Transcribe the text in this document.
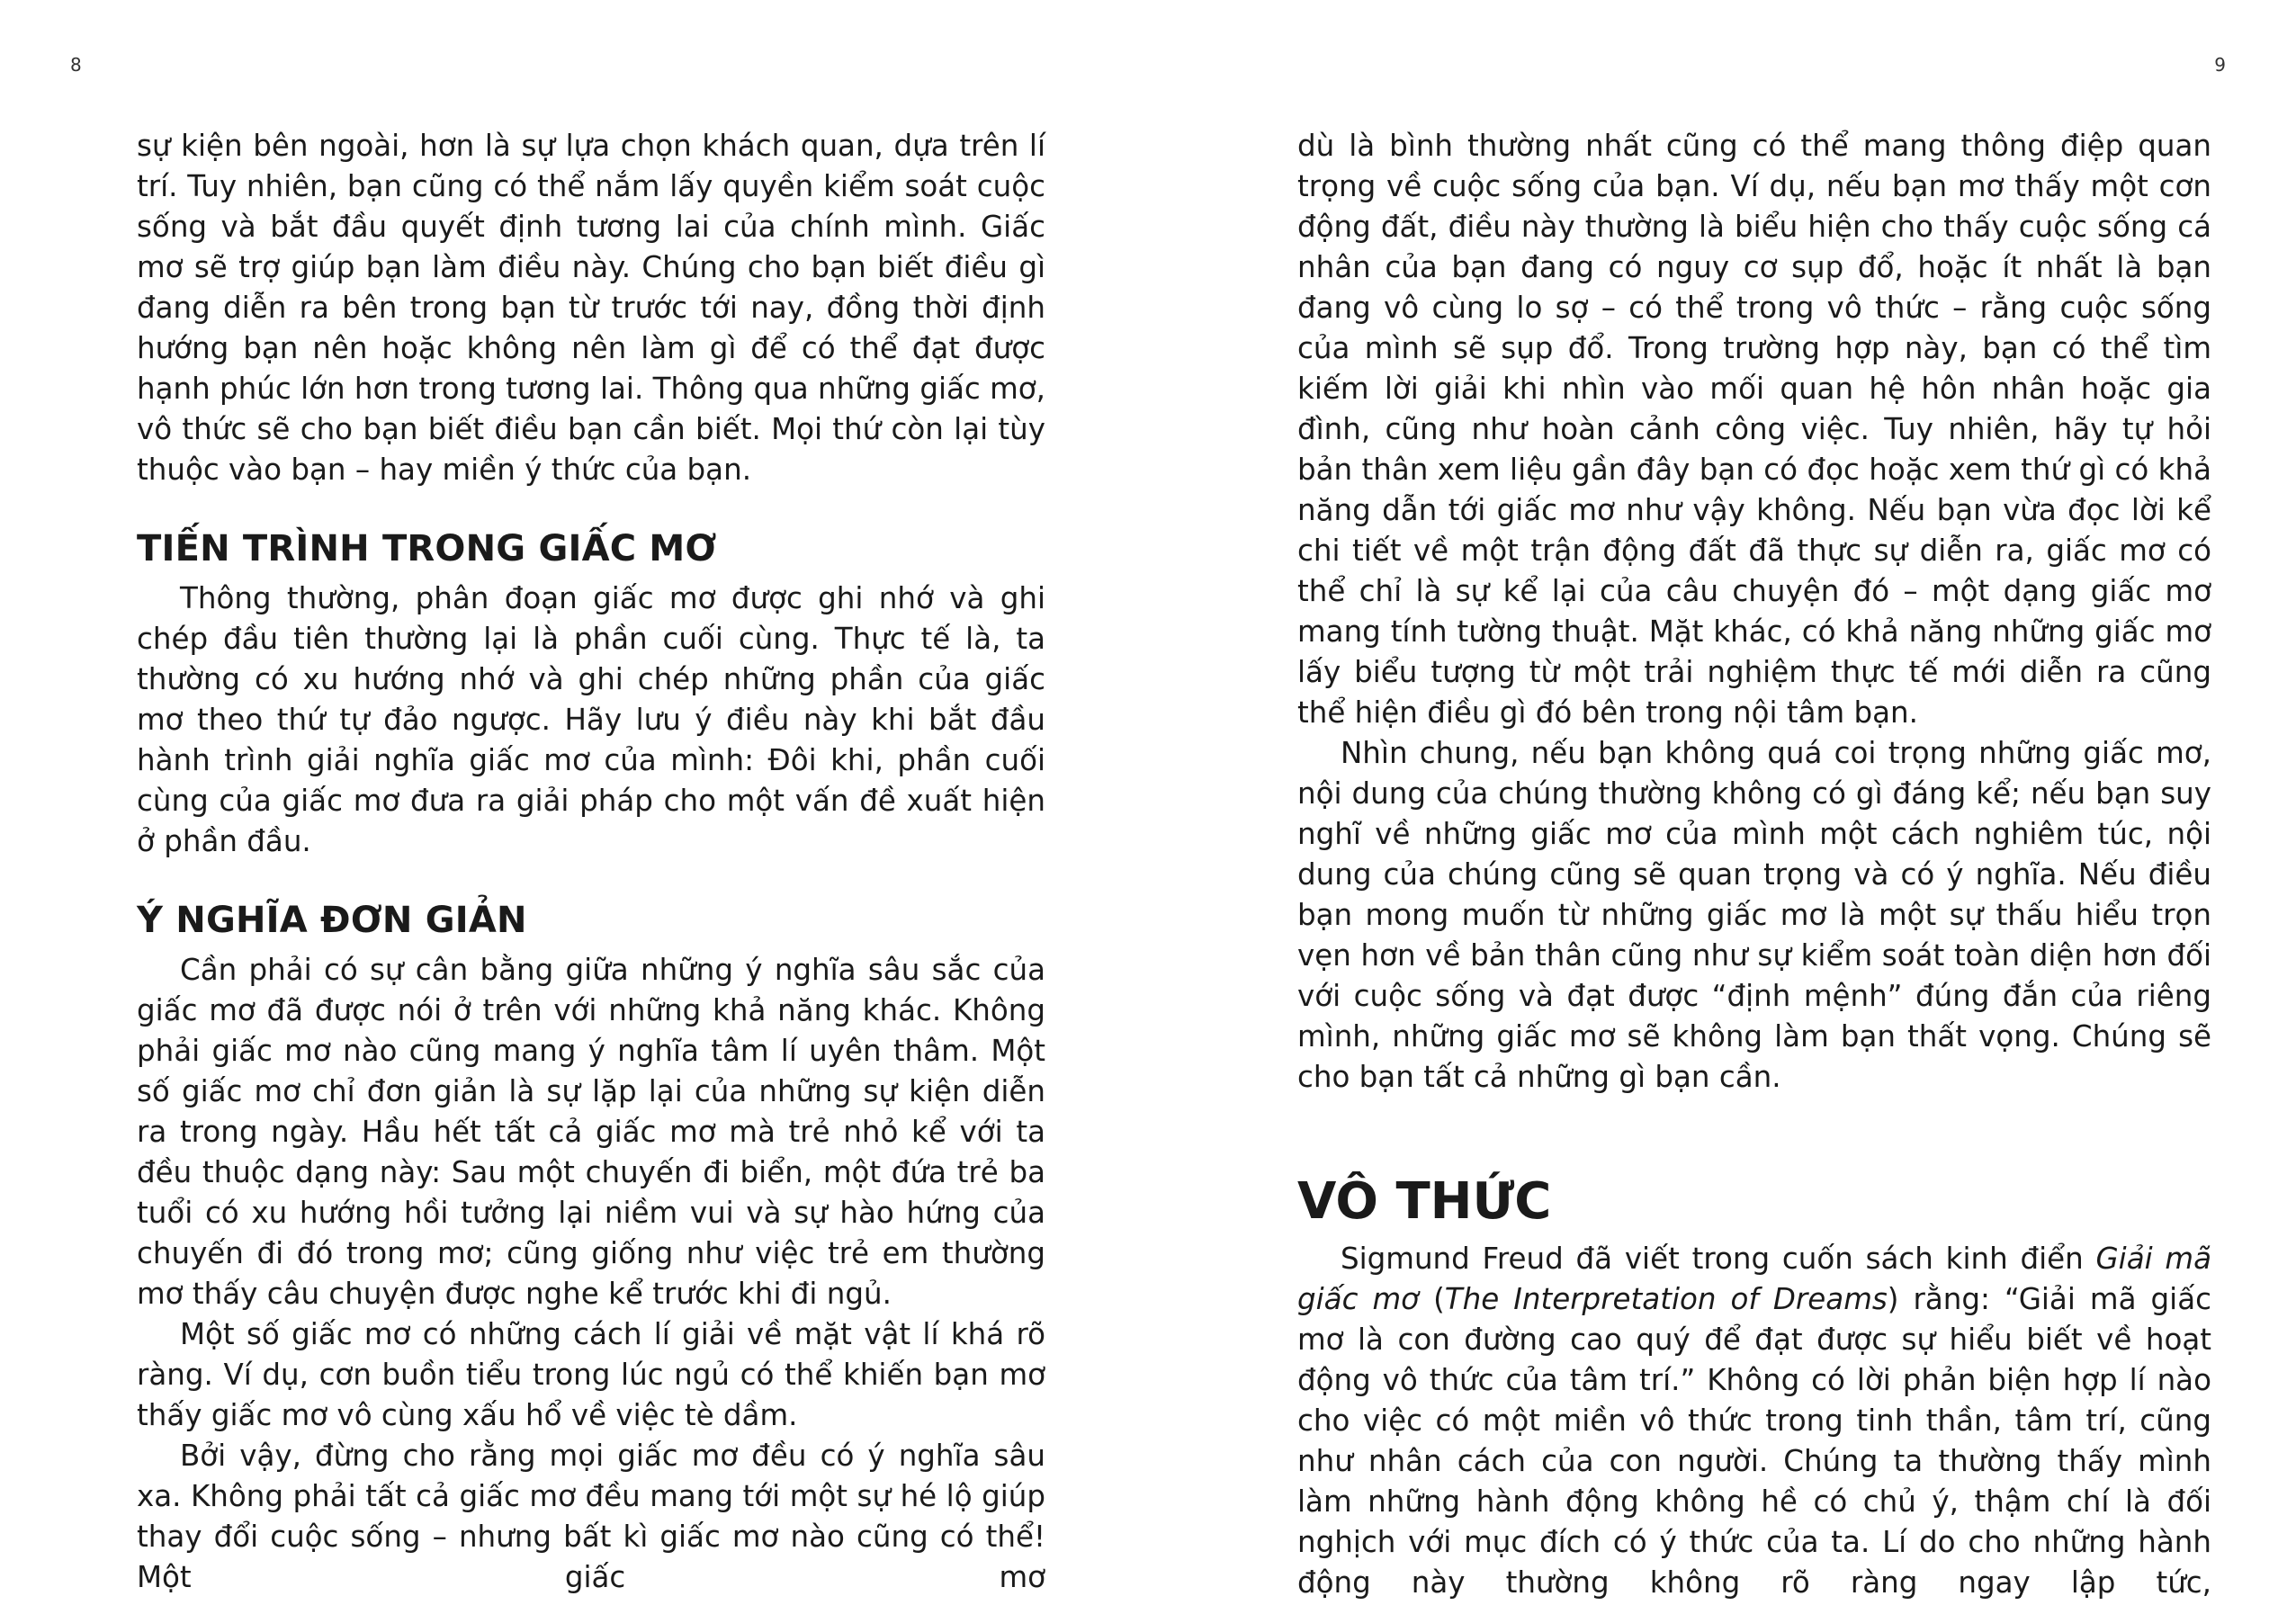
8

sự kiện bên ngoài, hơn là sự lựa chọn khách quan, dựa trên lí trí. Tuy nhiên, bạn cũng có thể nắm lấy quyền kiểm soát cuộc sống và bắt đầu quyết định tương lai của chính mình. Giấc mơ sẽ trợ giúp bạn làm điều này. Chúng cho bạn biết điều gì đang diễn ra bên trong bạn từ trước tới nay, đồng thời định hướng bạn nên hoặc không nên làm gì để có thể đạt được hạnh phúc lớn hơn trong tương lai. Thông qua những giấc mơ, vô thức sẽ cho bạn biết điều bạn cần biết. Mọi thứ còn lại tùy thuộc vào bạn – hay miền ý thức của bạn.

TIẾN TRÌNH TRONG GIẤC MƠ

Thông thường, phân đoạn giấc mơ được ghi nhớ và ghi chép đầu tiên thường lại là phần cuối cùng. Thực tế là, ta thường có xu hướng nhớ và ghi chép những phần của giấc mơ theo thứ tự đảo ngược. Hãy lưu ý điều này khi bắt đầu hành trình giải nghĩa giấc mơ của mình: Đôi khi, phần cuối cùng của giấc mơ đưa ra giải pháp cho một vấn đề xuất hiện ở phần đầu.

Ý NGHĨA ĐƠN GIẢN

Cần phải có sự cân bằng giữa những ý nghĩa sâu sắc của giấc mơ đã được nói ở trên với những khả năng khác. Không phải giấc mơ nào cũng mang ý nghĩa tâm lí uyên thâm. Một số giấc mơ chỉ đơn giản là sự lặp lại của những sự kiện diễn ra trong ngày. Hầu hết tất cả giấc mơ mà trẻ nhỏ kể với ta đều thuộc dạng này: Sau một chuyến đi biển, một đứa trẻ ba tuổi có xu hướng hồi tưởng lại niềm vui và sự hào hứng của chuyến đi đó trong mơ; cũng giống như việc trẻ em thường mơ thấy câu chuyện được nghe kể trước khi đi ngủ.

Một số giấc mơ có những cách lí giải về mặt vật lí khá rõ ràng. Ví dụ, cơn buồn tiểu trong lúc ngủ có thể khiến bạn mơ thấy giấc mơ vô cùng xấu hổ về việc tè dầm.

Bởi vậy, đừng cho rằng mọi giấc mơ đều có ý nghĩa sâu xa. Không phải tất cả giấc mơ đều mang tới một sự hé lộ giúp thay đổi cuộc sống – nhưng bất kì giấc mơ nào cũng có thể! Một giấc mơ

9

dù là bình thường nhất cũng có thể mang thông điệp quan trọng về cuộc sống của bạn. Ví dụ, nếu bạn mơ thấy một cơn động đất, điều này thường là biểu hiện cho thấy cuộc sống cá nhân của bạn đang có nguy cơ sụp đổ, hoặc ít nhất là bạn đang vô cùng lo sợ – có thể trong vô thức – rằng cuộc sống của mình sẽ sụp đổ. Trong trường hợp này, bạn có thể tìm kiếm lời giải khi nhìn vào mối quan hệ hôn nhân hoặc gia đình, cũng như hoàn cảnh công việc. Tuy nhiên, hãy tự hỏi bản thân xem liệu gần đây bạn có đọc hoặc xem thứ gì có khả năng dẫn tới giấc mơ như vậy không. Nếu bạn vừa đọc lời kể chi tiết về một trận động đất đã thực sự diễn ra, giấc mơ có thể chỉ là sự kể lại của câu chuyện đó – một dạng giấc mơ mang tính tường thuật. Mặt khác, có khả năng những giấc mơ lấy biểu tượng từ một trải nghiệm thực tế mới diễn ra cũng thể hiện điều gì đó bên trong nội tâm bạn.

Nhìn chung, nếu bạn không quá coi trọng những giấc mơ, nội dung của chúng thường không có gì đáng kể; nếu bạn suy nghĩ về những giấc mơ của mình một cách nghiêm túc, nội dung của chúng cũng sẽ quan trọng và có ý nghĩa. Nếu điều bạn mong muốn từ những giấc mơ là một sự thấu hiểu trọn vẹn hơn về bản thân cũng như sự kiểm soát toàn diện hơn đối với cuộc sống và đạt được “định mệnh” đúng đắn của riêng mình, những giấc mơ sẽ không làm bạn thất vọng. Chúng sẽ cho bạn tất cả những gì bạn cần.

VÔ THỨC

Sigmund Freud đã viết trong cuốn sách kinh điển Giải mã giấc mơ (The Interpretation of Dreams) rằng: “Giải mã giấc mơ là con đường cao quý để đạt được sự hiểu biết về hoạt động vô thức của tâm trí.” Không có lời phản biện hợp lí nào cho việc có một miền vô thức trong tinh thần, tâm trí, cũng như nhân cách của con người. Chúng ta thường thấy mình làm những hành động không hề có chủ ý, thậm chí là đối nghịch với mục đích có ý thức của ta. Lí do cho những hành động này thường không rõ ràng ngay lập tức,
